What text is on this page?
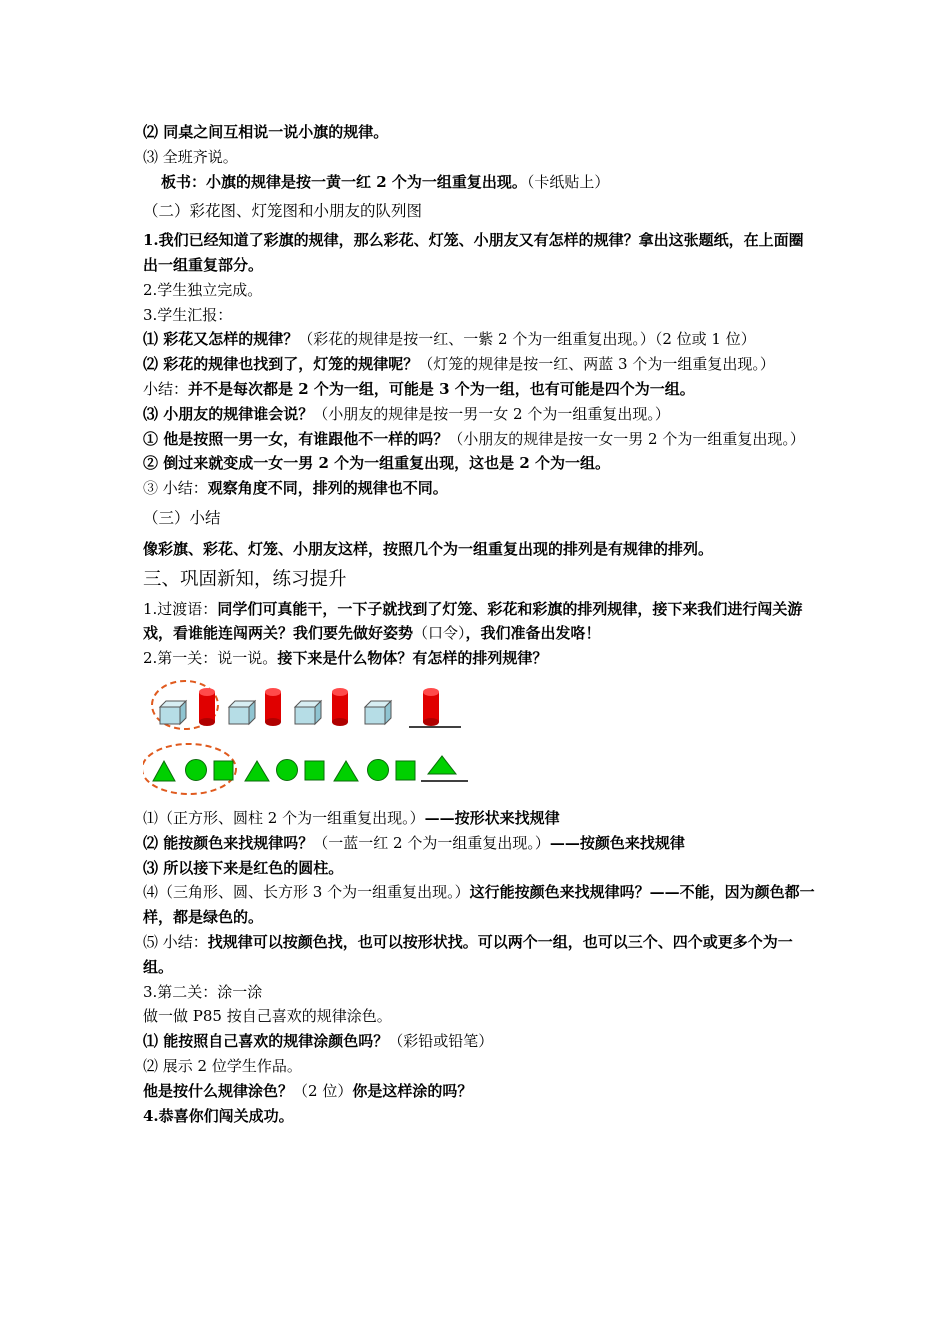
⑵ 同桌之间互相说一说小旗的规律。
⑶ 全班齐说。
板书：小旗的规律是按一黄一红 2 个为一组重复出现。（卡纸贴上）
（二）彩花图、灯笼图和小朋友的队列图
1.我们已经知道了彩旗的规律，那么彩花、灯笼、小朋友又有怎样的规律？拿出这张题纸，在上面圈出一组重复部分。
2.学生独立完成。
3.学生汇报：
⑴ 彩花又怎样的规律？（彩花的规律是按一红、一紫 2 个为一组重复出现。）（2 位或 1 位）
⑵ 彩花的规律也找到了，灯笼的规律呢？（灯笼的规律是按一红、两蓝 3 个为一组重复出现。）
小结：并不是每次都是 2 个为一组，可能是 3 个为一组，也有可能是四个为一组。
⑶ 小朋友的规律谁会说？（小朋友的规律是按一男一女 2 个为一组重复出现。）
① 他是按照一男一女，有谁跟他不一样的吗？（小朋友的规律是按一女一男 2 个为一组重复出现。）
② 倒过来就变成一女一男 2 个为一组重复出现，这也是 2 个为一组。
③ 小结：观察角度不同，排列的规律也不同。
（三）小结
像彩旗、彩花、灯笼、小朋友这样，按照几个为一组重复出现的排列是有规律的排列。
三、巩固新知，练习提升
1.过渡语：同学们可真能干，一下子就找到了灯笼、彩花和彩旗的排列规律，接下来我们进行闯关游戏，看谁能连闯两关？我们要先做好姿势（口令），我们准备出发咯！
2.第一关：说一说。接下来是什么物体？有怎样的排列规律？
⑴（正方形、圆柱 2 个为一组重复出现。）——按形状来找规律
⑵ 能按颜色来找规律吗？（一蓝一红 2 个为一组重复出现。）——按颜色来找规律
⑶ 所以接下来是红色的圆柱。
⑷（三角形、圆、长方形 3 个为一组重复出现。）这行能按颜色来找规律吗？——不能，因为颜色都一样，都是绿色的。
⑸ 小结：找规律可以按颜色找，也可以按形状找。可以两个一组，也可以三个、四个或更多个为一组。
3.第二关：涂一涂
做一做 P85 按自己喜欢的规律涂色。
⑴ 能按照自己喜欢的规律涂颜色吗？（彩铅或铅笔）
⑵ 展示 2 位学生作品。
他是按什么规律涂色？（2 位）你是这样涂的吗？
4.恭喜你们闯关成功。
